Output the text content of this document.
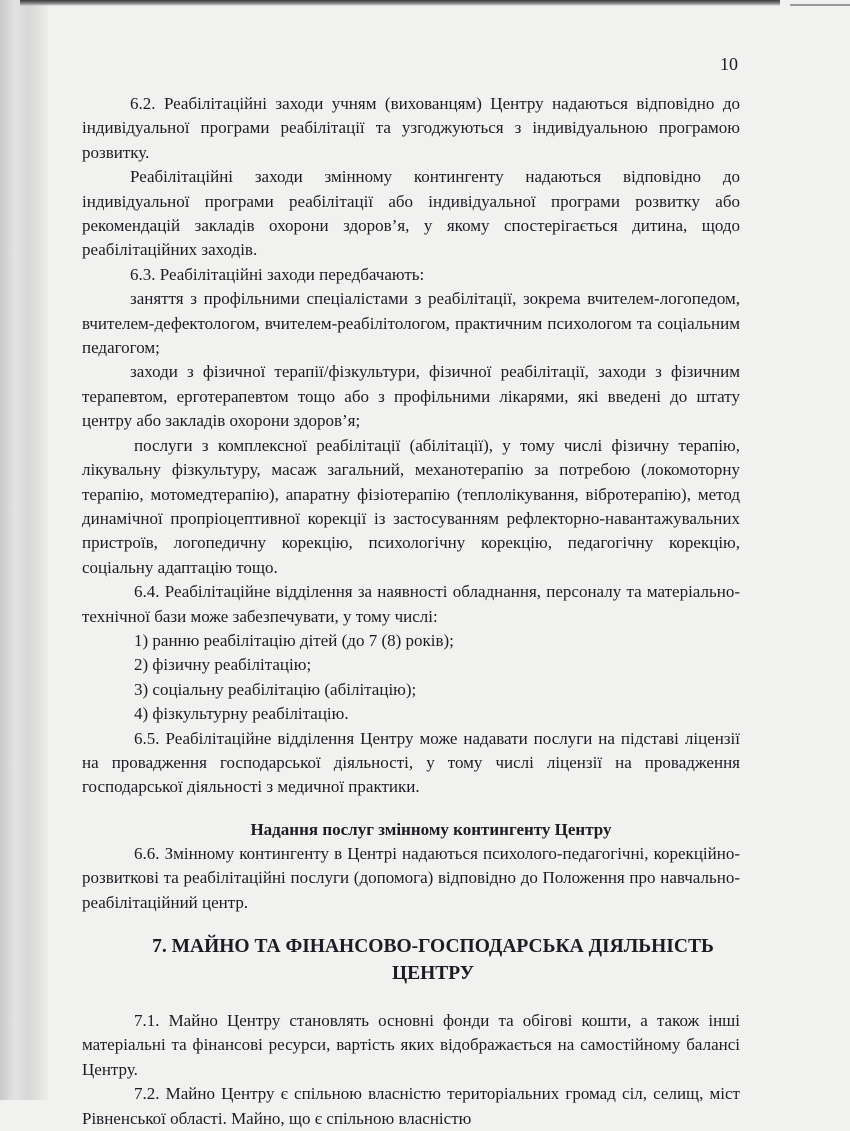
10

6.2. Реабілітаційні заходи учням (вихованцям) Центру надаються відповідно до індивідуальної програми реабілітації та узгоджуються з індивідуальною програмою розвитку.

Реабілітаційні заходи змінному контингенту надаються відповідно до індивідуальної програми реабілітації або індивідуальної програми розвитку або рекомендацій закладів охорони здоров’я, у якому спостерігається дитина, щодо реабілітаційних заходів.

6.3. Реабілітаційні заходи передбачають:

заняття з профільними спеціалістами з реабілітації, зокрема вчителем-логопедом, вчителем-дефектологом, вчителем-реабілітологом, практичним психологом та соціальним педагогом;

заходи з фізичної терапії/фізкультури, фізичної реабілітації, заходи з фізичним терапевтом, ерготерапевтом тощо або з профільними лікарями, які введені до штату центру або закладів охорони здоров’я;

послуги з комплексної реабілітації (абілітації), у тому числі фізичну терапію, лікувальну фізкультуру, масаж загальний, механотерапію за потребою (локомоторну терапію, мотомедтерапію), апаратну фізіотерапію (теплолікування, вібротерапію), метод динамічної пропріоцептивної корекції із застосуванням рефлекторно-навантажувальних пристроїв, логопедичну корекцію, психологічну корекцію, педагогічну корекцію, соціальну адаптацію тощо.

6.4. Реабілітаційне відділення за наявності обладнання, персоналу та матеріально-технічної бази може забезпечувати, у тому числі:

1) ранню реабілітацію дітей (до 7 (8) років);

2) фізичну реабілітацію;

3) соціальну реабілітацію (абілітацію);

4) фізкультурну реабілітацію.

6.5. Реабілітаційне відділення Центру може надавати послуги на підставі ліцензії на провадження господарської діяльності, у тому числі ліцензії на провадження господарської діяльності з медичної практики.

Надання послуг змінному контингенту Центру

6.6. Змінному контингенту в Центрі надаються психолого-педагогічні, корекційно-розвиткові та реабілітаційні послуги (допомога) відповідно до Положення про навчально-реабілітаційний центр.

7. МАЙНО ТА ФІНАНСОВО-ГОСПОДАРСЬКА ДІЯЛЬНІСТЬ
ЦЕНТРУ

7.1. Майно Центру становлять основні фонди та обігові кошти, а також інші матеріальні та фінансові ресурси, вартість яких відображається на самостійному балансі Центру.

7.2. Майно Центру є спільною власністю територіальних громад сіл, селищ, міст Рівненської області. Майно, що є спільною власністю
